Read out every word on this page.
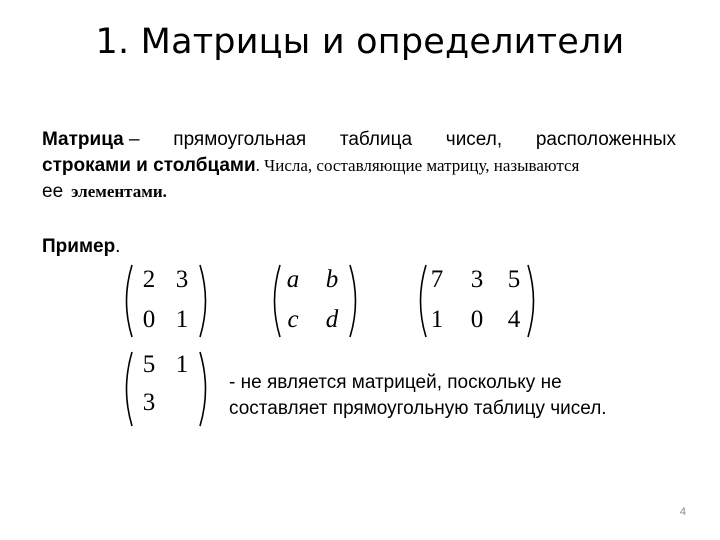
1. Матрицы и определители
Матрица – прямоугольная таблица чисел, расположенных
строками и столбцами . Числа, составляющие матрицу, называются
ее элементами.
Пример.
2 3
0 1
a	b
c	d
7	3 5
1	0 4
5 1
3
- не является матрицей, поскольку не
составляет прямоугольную таблицу чисел.
4
